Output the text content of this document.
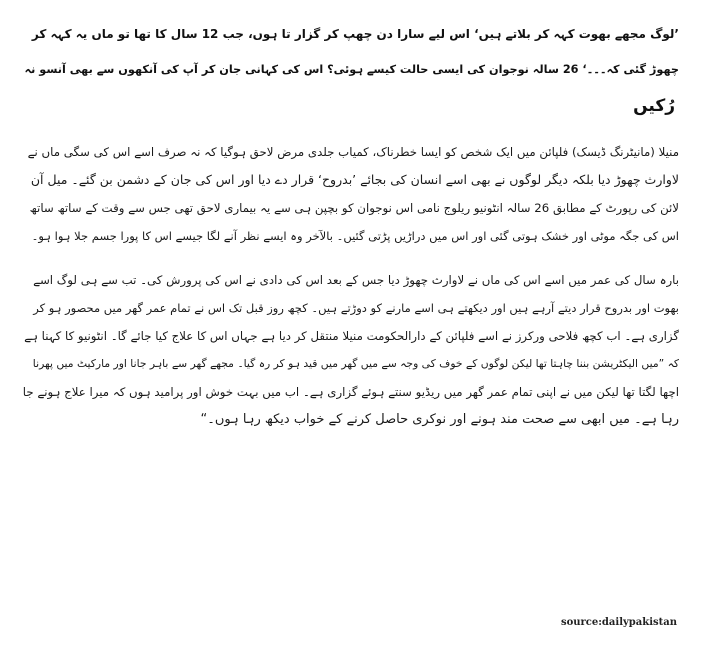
’لوگ مجھے بھوت کہہ کر بلاتے ہیں‘ اس لیے سارا دن چھپ کر گزار تا ہوں، جب 12 سال کا تھا تو ماں یہ کہہ کر
چھوڑ گئی کہ۔۔۔‘ 26 سالہ نوجوان کی ایسی حالت کیسے ہوئی؟ اس کی کہانی جان کر آپ کی آنکھوں سے بھی آنسو نہ
رُکیں

منیلا (مانیٹرنگ ڈیسک) فلپائن میں ایک شخص کو ایسا خطرناک، کمیاب جلدی مرض لاحق ہوگیا کہ نہ صرف اسے اس کی سگی ماں نے
لاوارث چھوڑ دیا بلکہ دیگر لوگوں نے بھی اسے انسان کی بجائے ’بدروح‘ قرار دے دیا اور اس کی جان کے دشمن بن گئے۔ میل آن
لائن کی رپورٹ کے مطابق 26 سالہ انٹونیو ریلوج نامی اس نوجوان کو بچپن ہی سے یہ بیماری لاحق تھی جس سے وقت کے ساتھ ساتھ
اس کی جگہ موٹی اور خشک ہوتی گئی اور اس میں دراڑیں پڑتی گئیں۔ بالآخر وہ ایسے نظر آنے لگا جیسے اس کا پورا جسم جلا ہوا ہو۔

بارہ سال کی عمر میں اسے اس کی ماں نے لاوارث چھوڑ دیا جس کے بعد اس کی دادی نے اس کی پرورش کی۔ تب سے ہی لوگ اسے
بھوت اور بدروح قرار دیتے آرہے ہیں اور دیکھتے ہی اسے مارنے کو دوڑتے ہیں۔ کچھ روز قبل تک اس نے تمام عمر گھر میں محصور ہو کر
گزاری ہے۔ اب کچھ فلاحی ورکرز نے اسے فلپائن کے دارالحکومت منیلا منتقل کر دیا ہے جہاں اس کا علاج کیا جائے گا۔ انٹونیو کا کہنا ہے
کہ ”میں الیکٹریشن بننا چاہتا تھا لیکن لوگوں کے خوف کی وجہ سے میں گھر میں قید ہو کر رہ گیا۔ مجھے گھر سے باہر جانا اور مارکیٹ میں پھرنا
اچھا لگتا تھا لیکن میں نے اپنی تمام عمر گھر میں ریڈیو سنتے ہوئے گزاری ہے۔ اب میں بہت خوش اور پرامید ہوں کہ میرا علاج ہونے جا
رہا ہے۔ میں ابھی سے صحت مند ہونے اور نوکری حاصل کرنے کے خواب دیکھ رہا ہوں۔“

source:dailypakistan
